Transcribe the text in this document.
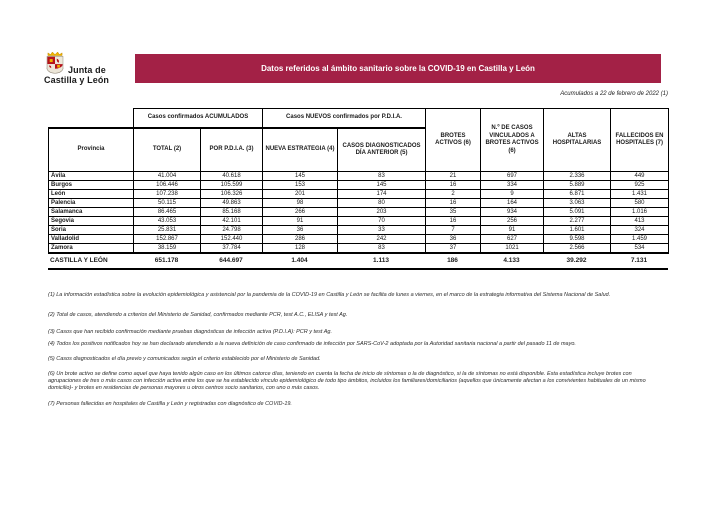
Junta de
Castilla y León
Datos referidos al ámbito sanitario sobre la COVID-19 en Castilla y León
Acumulados a 22 de febrero de 2022 (1)
	Casos confirmados ACUMULADOS		Casos NUEVOS confirmados por P.D.I.A.		BROTES ACTIVOS (6)	N.º DE CASOS VINCULADOS A BROTES ACTIVOS (6)	ALTAS HOSPITALARIAS	FALLECIDOS EN HOSPITALES (7)
Provincia	TOTAL (2)	POR P.D.I.A. (3)	NUEVA ESTRATEGIA (4)	CASOS DIAGNOSTICADOS DÍA ANTERIOR (5)				
Ávila	41.004	40.618	145	83	21	697	2.336	449
Burgos	106.446	105.599	153	145	16	334	5.889	925
León	107.238	106.326	201	174	2	9	6.871	1.431
Palencia	50.115	49.863	98	80	16	164	3.063	580
Salamanca	86.465	85.168	266	203	35	934	5.091	1.016
Segovia	43.053	42.101	91	70	16	256	2.277	413
Soria	25.831	24.798	36	33	7	91	1.601	324
Valladolid	152.867	152.440	286	242	36	627	9.598	1.459
Zamora	38.159	37.784	128	83	37	1021	2.566	534
CASTILLA Y LEÓN	651.178	644.697	1.404	1.113	186	4.133	39.292	7.131

(1) La información estadística sobre la evolución epidemiológica y asistencial por la pandemia de la COVID-19 en Castilla y León se facilita de lunes a viernes, en el marco de la estrategia informativa del Sistema Nacional de Salud.

(2) Total de casos, atendiendo a criterios del Ministerio de Sanidad, confirmados mediante PCR, test A.C., ELISA y test Ag.

(3) Casos que han recibido confirmación mediante pruebas diagnósticas de infección activa (P.D.I.A): PCR y test Ag.

(4) Todos los positivos notificados hoy se han declarado atendiendo a la nueva definición de caso confirmado de infección por SARS-CoV-2 adoptada por la Autoridad sanitaria nacional a partir del pasado 11 de mayo.

(5) Casos diagnosticados el día previo y comunicados según el criterio establecido por el Ministerio de Sanidad.

(6) Un brote activo se define como aquel que haya tenido algún caso en los últimos catorce días, teniendo en cuenta la fecha de inicio de síntomas o la de diagnóstico, si la de síntomas no está disponible. Esta estadística incluye brotes con agrupaciones de tres o más casos con infección activa entre los que se ha establecido vínculo epidemiológico de todo tipo ámbitos, incluidos los familiares/domiciliarios (aquellos que únicamente afectan a los convivientes habituales de un mismo domicilio)- y brotes en residencias de personas mayores u otros centros socio sanitarios, con uno o más casos.

(7) Personas fallecidas en hospitales de Castilla y León y registradas con diagnóstico de COVID-19.
